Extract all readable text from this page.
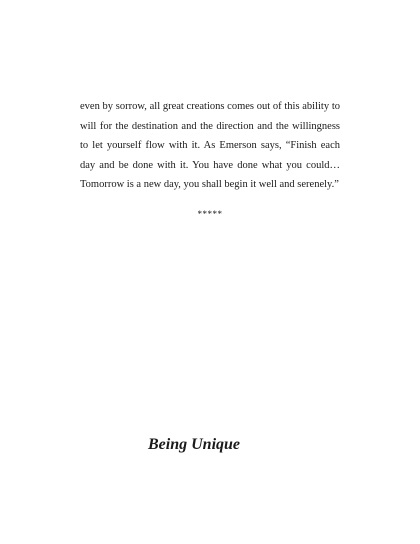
even by sorrow, all great creations comes out of this ability to will for the destination and the direction and the willingness to let yourself flow with it. As Emerson says, “Finish each day and be done with it. You have done what you could…Tomorrow is a new day, you shall begin it well and serenely.”

*****

Being Unique
